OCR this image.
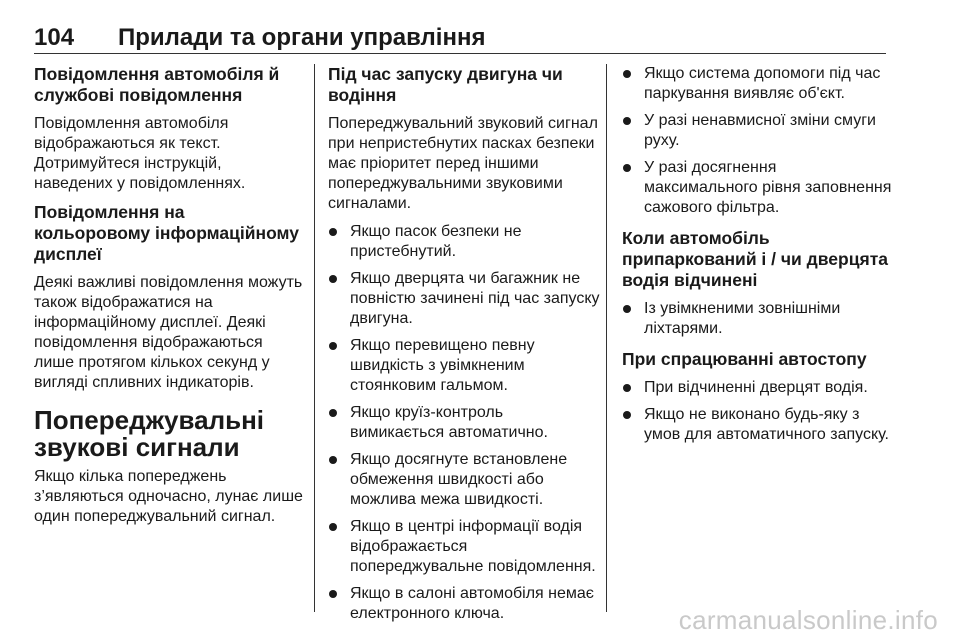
104 Прилади та органи управління
Повідомлення автомобіля й службові повідомлення

Повідомлення автомобіля відображаються як текст. Дотримуйтеся інструкцій, наведених у повідомленнях.

Повідомлення на кольоровому інформаційному дисплеї

Деякі важливі повідомлення можуть також відображатися на інформаційному дисплеї. Деякі повідомлення відображаються лише протягом кількох секунд у вигляді спливних індикаторів.

Попереджувальні звукові сигнали

Якщо кілька попереджень з’являються одночасно, лунає лише один попереджувальний сигнал.

Під час запуску двигуна чи водіння

Попереджувальний звуковий сигнал при непристебнутих пасках безпеки має пріоритет перед іншими попереджувальними звуковими сигналами.

Якщо пасок безпеки не пристебнутий.
Якщо дверцята чи багажник не повністю зачинені під час запуску двигуна.
Якщо перевищено певну швидкість з увімкненим стоянковим гальмом.
Якщо круїз-контроль вимикається автоматично.
Якщо досягнуте встановлене обмеження швидкості або можлива межа швидкості.
Якщо в центрі інформації водія відображається попереджувальне повідомлення.
Якщо в салоні автомобіля немає електронного ключа.
Якщо система допомоги під час паркування виявляє об'єкт.
У разі ненавмисної зміни смуги руху.
У разі досягнення максимального рівня заповнення сажового фільтра.
Коли автомобіль припаркований і / чи дверцята водія відчинені
Із увімкненими зовнішніми ліхтарями.
При спрацюванні автостопу
При відчиненні дверцят водія.
Якщо не виконано будь-яку з умов для автоматичного запуску.
carmanualsonline.info
